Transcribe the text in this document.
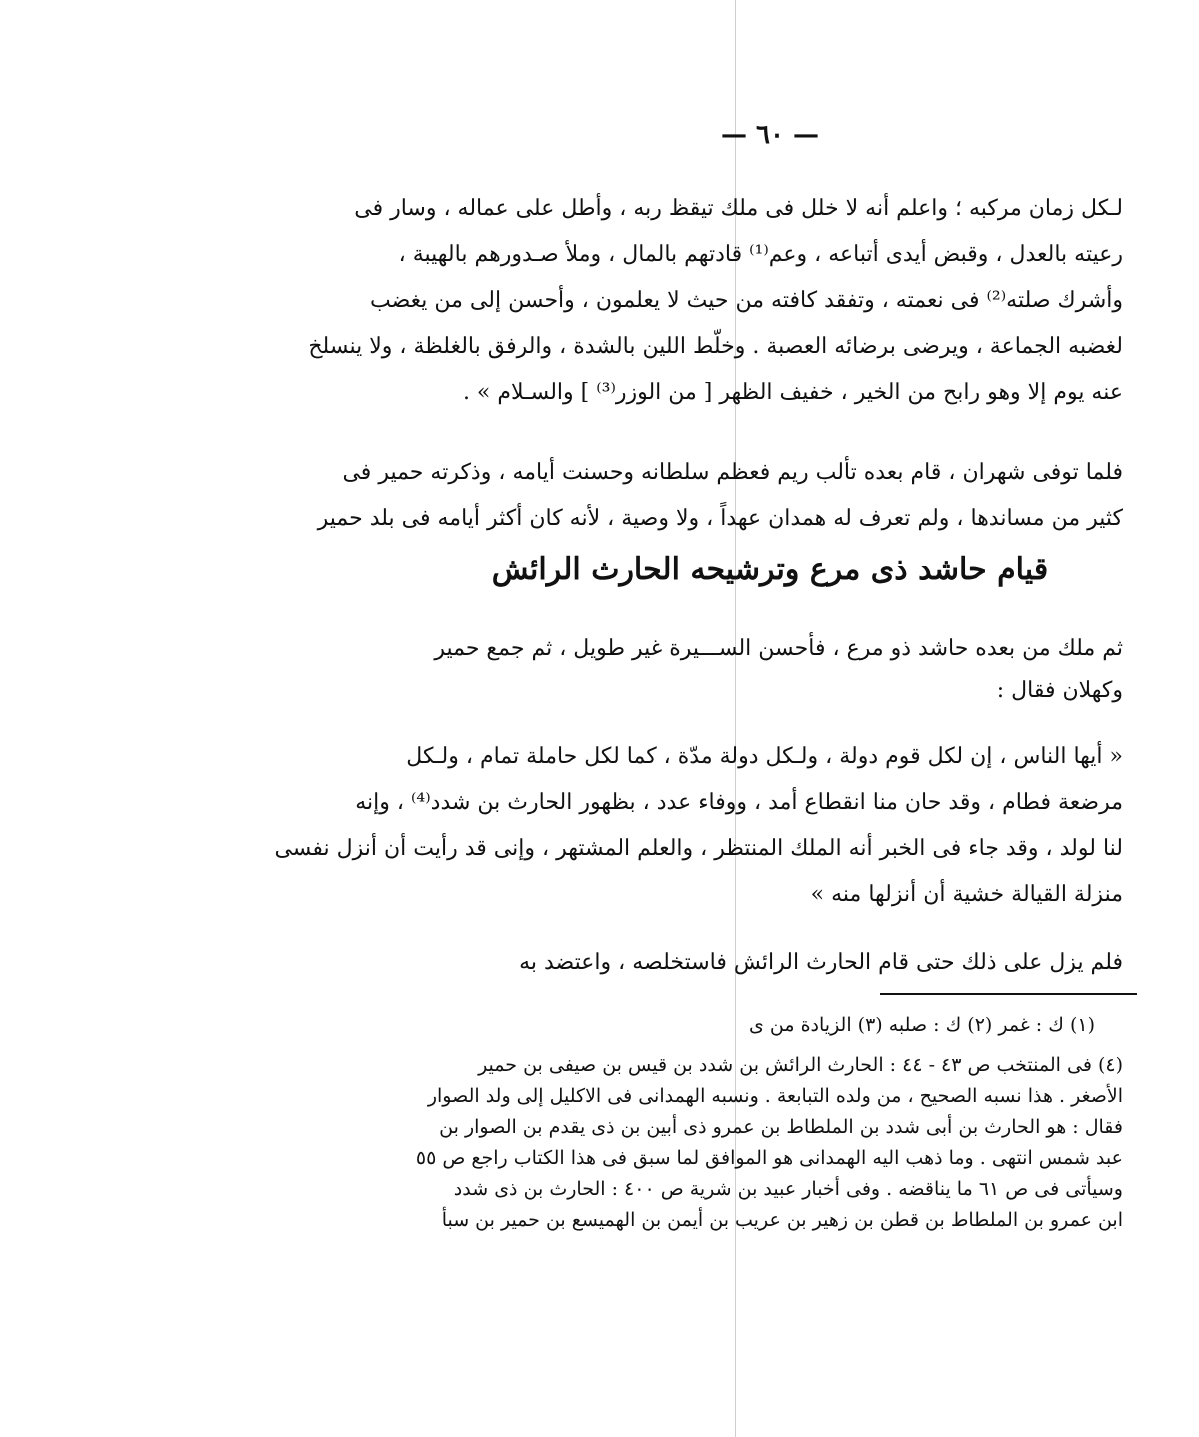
— ٦٠ —
لـكل زمان مركبه ؛ واعلم أنه لا خلل فى ملك تيقظ ربه ، وأطل على عماله ، وسار فى
رعيته بالعدل ، وقبض أيدى أتباعه ، وعم⁽¹⁾ قادتهم بالمال ، وملأ صـدورهم بالهيبة ،
وأشرك صلته⁽²⁾ فى نعمته ، وتفقد كافته من حيث لا يعلمون ، وأحسن إلى من يغضب
لغضبه الجماعة ، ويرضى برضائه العصبة . وخلّط اللين بالشدة ، والرفق بالغلظة ، ولا ينسلخ
عنه يوم إلا وهو رابح من الخير ، خفيف الظهر [ من الوزر⁽³⁾ ] والسـلام » .
فلما توفى شهران ، قام بعده تألب ريم فعظم سلطانه وحسنت أيامه ، وذكرته حمير فى
كثير من مساندها ، ولم تعرف له همدان عهداً ، ولا وصية ، لأنه كان أكثر أيامه فى بلد حمير
قيام حاشد ذى مرع وترشيحه الحارث الرائش
ثم ملك من بعده حاشد ذو مرع ، فأحسن الســـيرة غير طويل ، ثم جمع حمير
وكهلان فقال :
« أيها الناس ، إن لكل قوم دولة ، ولـكل دولة مدّة ، كما لكل حاملة تمام ، ولـكل
مرضعة فطام ، وقد حان منا انقطاع أمد ، ووفاء عدد ، بظهور الحارث بن شدد⁽⁴⁾ ، وإنه
لنا لولد ، وقد جاء فى الخبر أنه الملك المنتظر ، والعلم المشتهر ، وإنى قد رأيت أن أنزل نفسى
منزلة القيالة خشية أن أنزلها منه »
فلم يزل على ذلك حتى قام الحارث الرائش فاستخلصه ، واعتضد به
(١) ك : غمر (٢) ك : صلبه (٣) الزيادة من ى
(٤) فى المنتخب ص ٤٣ - ٤٤ : الحارث الرائش بن شدد بن قيس بن صيفى بن حمير
الأصغر . هذا نسبه الصحيح ، من ولده التبابعة . ونسبه الهمدانى فى الاكليل إلى ولد الصوار
فقال : هو الحارث بن أبى شدد بن الملطاط بن عمرو ذى أبين بن ذى يقدم بن الصوار بن
عبد شمس انتهى . وما ذهب اليه الهمدانى هو الموافق لما سبق فى هذا الكتاب راجع ص ٥٥
وسيأتى فى ص ٦١ ما يناقضه . وفى أخبار عبيد بن شرية ص ٤٠٠ : الحارث بن ذى شدد
ابن عمرو بن الملطاط بن قطن بن زهير بن عريب بن أيمن بن الهميسع بن حمير بن سبأ
